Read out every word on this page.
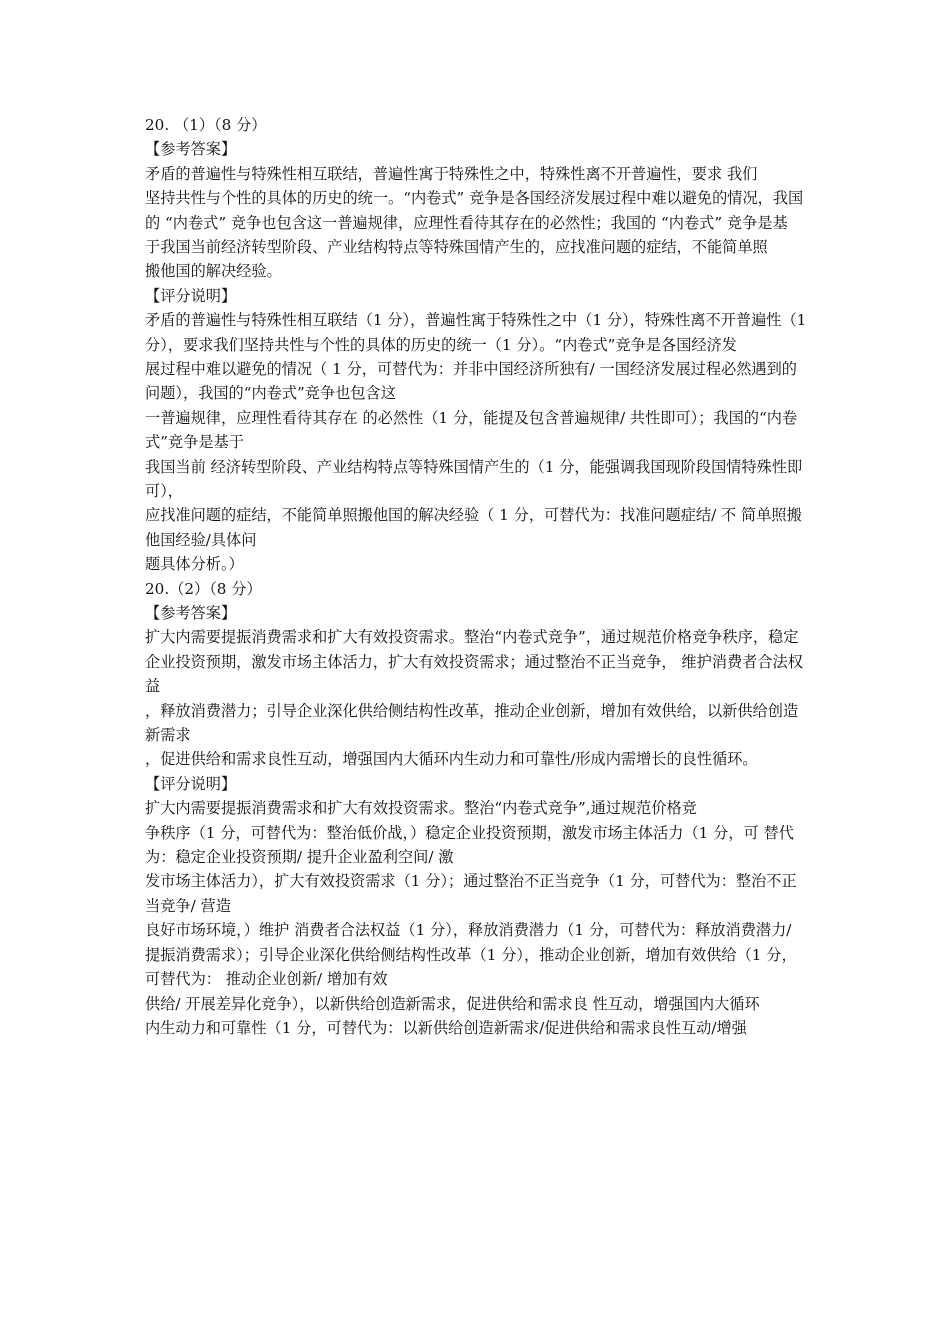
20. （1）（8 分）
【参考答案】
矛盾的普遍性与特殊性相互联结，普遍性寓于特殊性之中，特殊性离不开普遍性，要求 我们
坚持共性与个性的具体的历史的统一。“内卷式” 竞争是各国经济发展过程中难以避免的情况，我国
的 “内卷式” 竞争也包含这一普遍规律，应理性看待其存在的必然性；我国的 “内卷式” 竞争是基
于我国当前经济转型阶段、产业结构特点等特殊国情产生的，应找准问题的症结，不能简单照
搬他国的解决经验。
【评分说明】
矛盾的普遍性与特殊性相互联结（1 分），普遍性寓于特殊性之中（1 分），特殊性离不开普遍性（1 分），要求我们坚持共性与个性的具体的历史的统一（1 分）。“内卷式”竞争是各国经济发
展过程中难以避免的情况（ 1 分，可替代为：并非中国经济所独有/ 一国经济发展过程必然遇到的问题），我国的“内卷式”竞争也包含这
一普遍规律，应理性看待其存在 的必然性（1 分，能提及包含普遍规律/ 共性即可）；我国的“内卷式”竞争是基于
我国当前 经济转型阶段、产业结构特点等特殊国情产生的（1 分，能强调我国现阶段国情特殊性即可），
应找准问题的症结，不能简单照搬他国的解决经验（ 1 分，可替代为：找准问题症结/ 不 简单照搬他国经验/具体问
题具体分析。）
20.（2）（8 分）
【参考答案】
扩大内需要提振消费需求和扩大有效投资需求。整治“内卷式竞争”，通过规范价格竞争秩序，稳定企业投资预期，激发市场主体活力，扩大有效投资需求；通过整治不正当竞争， 维护消费者合法权益
，释放消费潜力；引导企业深化供给侧结构性改革，推动企业创新，增加有效供给，以新供给创造新需求
，促进供给和需求良性互动，增强国内大循环内生动力和可靠性/形成内需增长的良性循环。
【评分说明】
扩大内需要提振消费需求和扩大有效投资需求。整治“内卷式竞争”,通过规范价格竞
争秩序（1 分，可替代为：整治低价战，）稳定企业投资预期，激发市场主体活力（1 分，可 替代为：稳定企业投资预期/ 提升企业盈利空间/ 激
发市场主体活力），扩大有效投资需求（1 分）；通过整治不正当竞争（1 分，可替代为：整治不正当竞争/ 营造
良好市场环境，）维护 消费者合法权益（1 分），释放消费潜力（1 分，可替代为：释放消费潜力/ 提振消费需求）；引导企业深化供给侧结构性改革（1 分），推动企业创新，增加有效供给（1 分，可替代为： 推动企业创新/ 增加有效
供给/ 开展差异化竞争），以新供给创造新需求，促进供给和需求良 性互动，增强国内大循环
内生动力和可靠性（1 分，可替代为：以新供给创造新需求/促进供给和需求良性互动/增强
